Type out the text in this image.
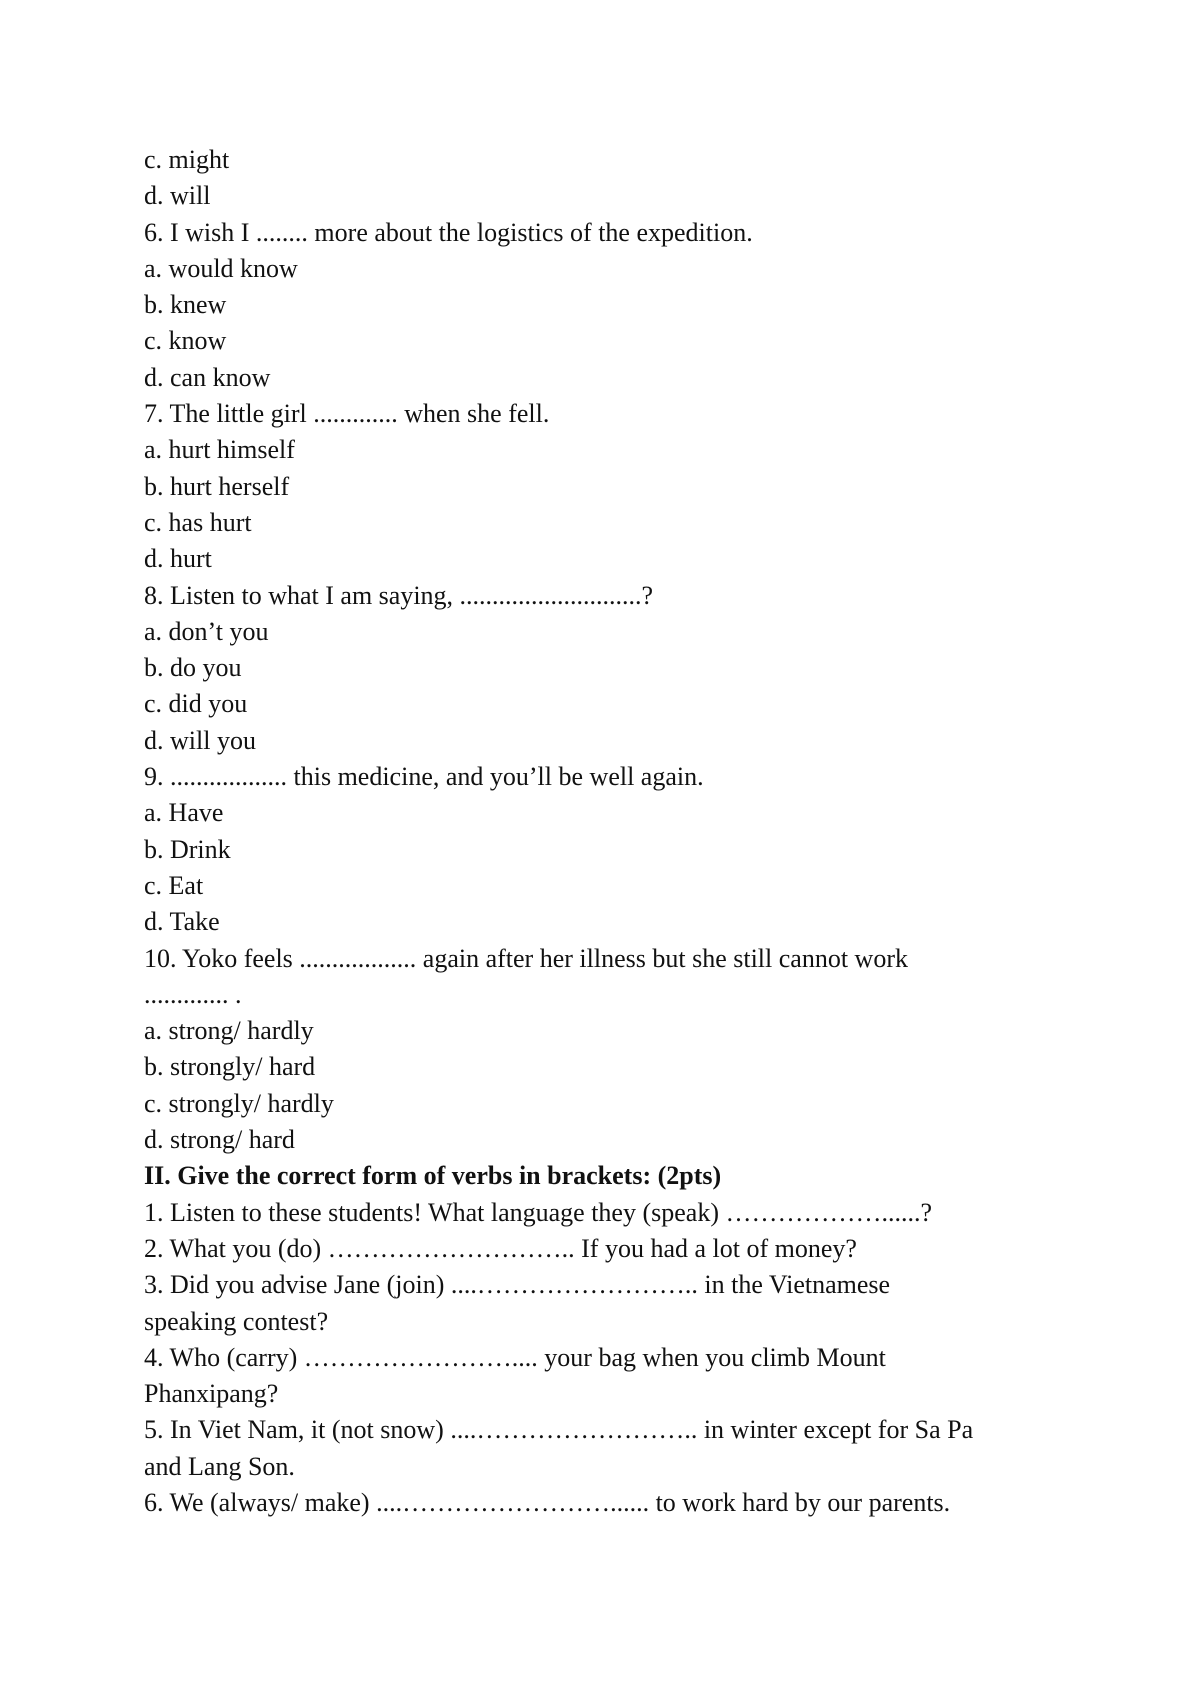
c. might
d. will
6. I wish I ........ more about the logistics of the expedition.
a. would know
b. knew
c. know
d. can know
7. The little girl ............. when she fell.
a. hurt himself
b. hurt herself
c. has hurt
d. hurt
8. Listen to what I am saying, ............................?
a. don’t you
b. do you
c. did you
d. will you
9. .................. this medicine, and you’ll be well again.
a. Have
b. Drink
c. Eat
d. Take
10. Yoko feels .................. again after her illness but she still cannot work
............. .
a. strong/ hardly
b. strongly/ hard
c. strongly/ hardly
d. strong/ hard
II. Give the correct form of verbs in brackets: (2pts)
1. Listen to these students! What language they (speak) ………………......?
2. What you (do) ……………………….. If you had a lot of money?
3. Did you advise Jane (join) ....…………………….. in the Vietnamese
speaking contest?
4. Who (carry) …………………….... your bag when you climb Mount
Phanxipang?
5. In Viet Nam, it (not snow) ....…………………….. in winter except for Sa Pa
and Lang Son.
6. We (always/ make) ....……………………...... to work hard by our parents.
